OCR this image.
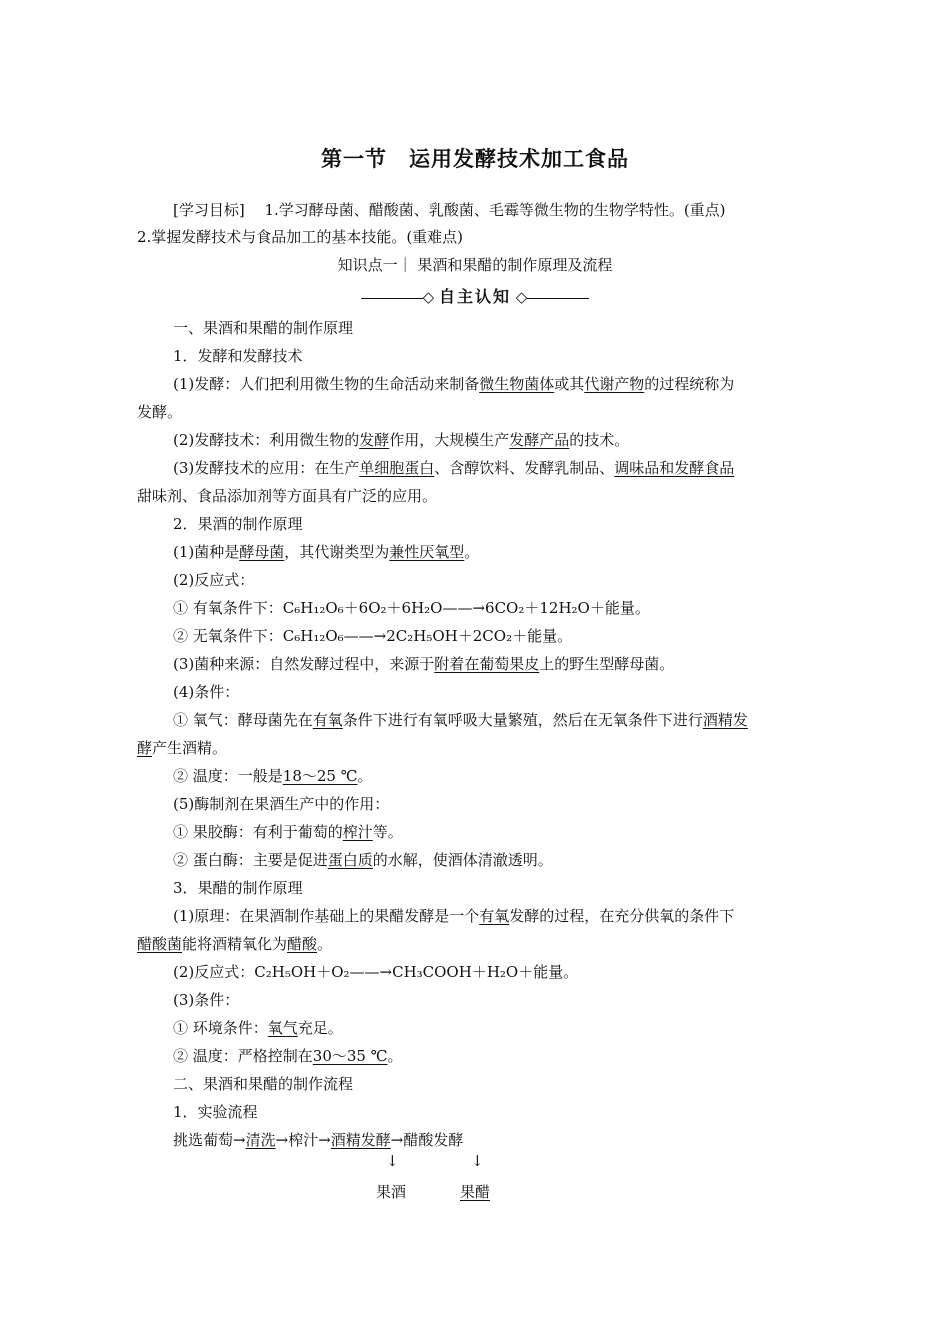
第一节　运用发酵技术加工食品
[学习目标]　 1.学习酵母菌、醋酸菌、乳酸菌、毛霉等微生物的生物学特性。(重点)
2.掌握发酵技术与食品加工的基本技能。(重难点)
知识点一｜ 果酒和果醋的制作原理及流程
◇ 自主认知 ◇
一、果酒和果醋的制作原理
1．发酵和发酵技术
(1)发酵：人们把利用微生物的生命活动来制备微生物菌体或其代谢产物的过程统称为
发酵。
(2)发酵技术：利用微生物的发酵作用，大规模生产发酵产品的技术。
(3)发酵技术的应用：在生产单细胞蛋白、含醇饮料、发酵乳制品、调味品和发酵食品
甜味剂、食品添加剂等方面具有广泛的应用。
2．果酒的制作原理
(1)菌种是酵母菌，其代谢类型为兼性厌氧型。
(2)反应式：
① 有氧条件下：C₆H₁₂O₆＋6O₂＋6H₂O——→6CO₂＋12H₂O＋能量。
② 无氧条件下：C₆H₁₂O₆——→2C₂H₅OH＋2CO₂＋能量。
(3)菌种来源：自然发酵过程中，来源于附着在葡萄果皮上的野生型酵母菌。
(4)条件：
① 氧气：酵母菌先在有氧条件下进行有氧呼吸大量繁殖，然后在无氧条件下进行酒精发
酵产生酒精。
② 温度：一般是18～25 ℃。
(5)酶制剂在果酒生产中的作用：
① 果胶酶：有利于葡萄的榨汁等。
② 蛋白酶：主要是促进蛋白质的水解，使酒体清澈透明。
3．果醋的制作原理
(1)原理：在果酒制作基础上的果醋发酵是一个有氧发酵的过程，在充分供氧的条件下
醋酸菌能将酒精氧化为醋酸。
(2)反应式：C₂H₅OH＋O₂——→CH₃COOH＋H₂O＋能量。
(3)条件：
① 环境条件：氧气充足。
② 温度：严格控制在30～35 ℃。
二、果酒和果醋的制作流程
1．实验流程
挑选葡萄→清洗→榨汁→酒精发酵→醋酸发酵
↓	↓
果酒	果醋
